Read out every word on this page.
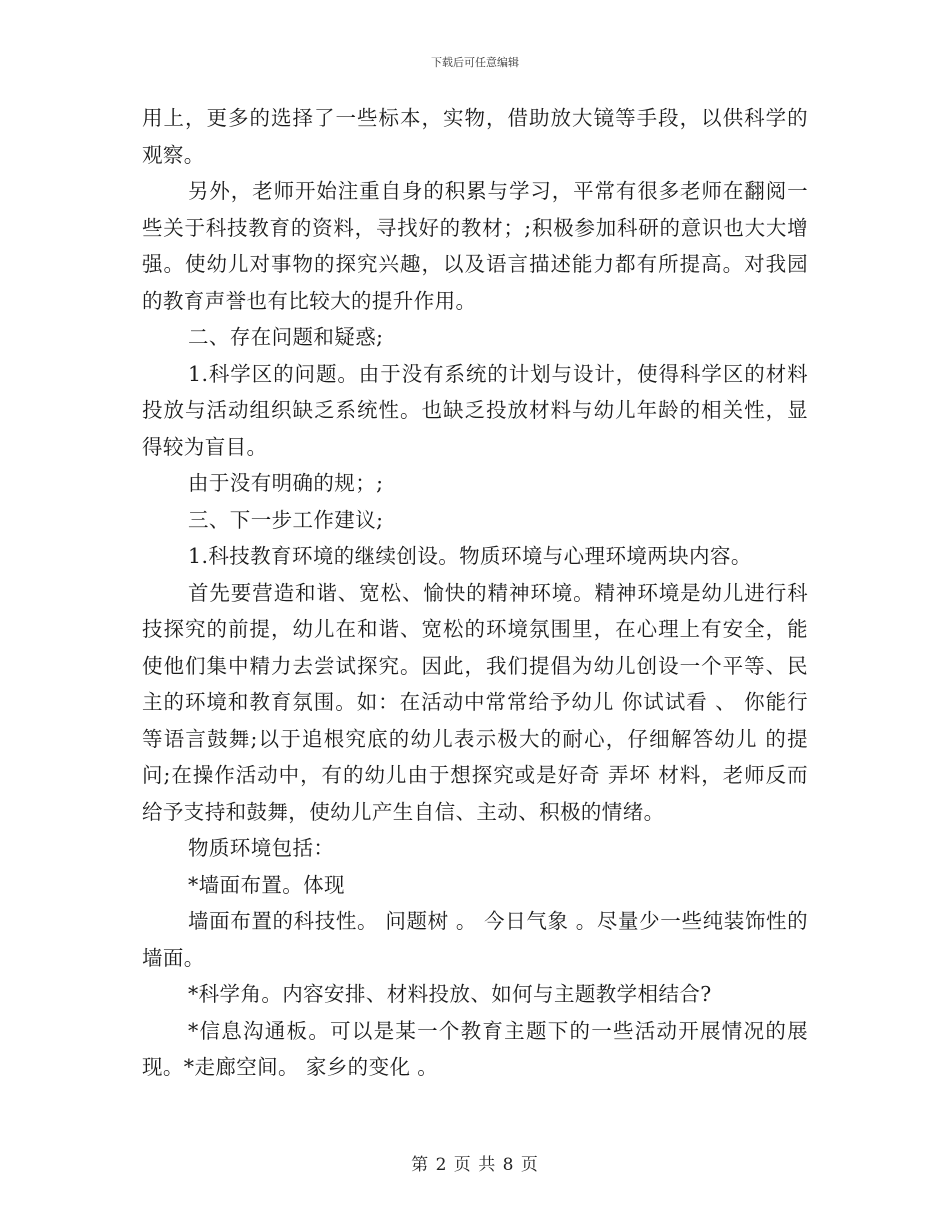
下载后可任意编辑

用上，更多的选择了一些标本，实物，借助放大镜等手段，以供科学的观察。

另外，老师开始注重自身的积累与学习，平常有很多老师在翻阅一些关于科技教育的资料，寻找好的教材；;积极参加科研的意识也大大增强。使幼儿对事物的探究兴趣，以及语言描述能力都有所提高。对我园的教育声誉也有比较大的提升作用。

二、存在问题和疑惑;

1.科学区的问题。由于没有系统的计划与设计，使得科学区的材料投放与活动组织缺乏系统性。也缺乏投放材料与幼儿年龄的相关性，显得较为盲目。

由于没有明确的规；;

三、下一步工作建议;

1.科技教育环境的继续创设。物质环境与心理环境两块内容。

首先要营造和谐、宽松、愉快的精神环境。精神环境是幼儿进行科技探究的前提，幼儿在和谐、宽松的环境氛围里，在心理上有安全，能使他们集中精力去尝试探究。因此，我们提倡为幼儿创设一个平等、民主的环境和教育氛围。如：在活动中常常给予幼儿 你试试看 、 你能行 等语言鼓舞;以于追根究底的幼儿表示极大的耐心，仔细解答幼儿 的提问;在操作活动中，有的幼儿由于想探究或是好奇 弄坏 材料，老师反而给予支持和鼓舞，使幼儿产生自信、主动、积极的情绪。

物质环境包括：

*墙面布置。体现

墙面布置的科技性。 问题树 。 今日气象 。尽量少一些纯装饰性的墙面。

*科学角。内容安排、材料投放、如何与主题教学相结合?

*信息沟通板。可以是某一个教育主题下的一些活动开展情况的展现。*走廊空间。 家乡的变化 。

第 2 页 共 8 页
